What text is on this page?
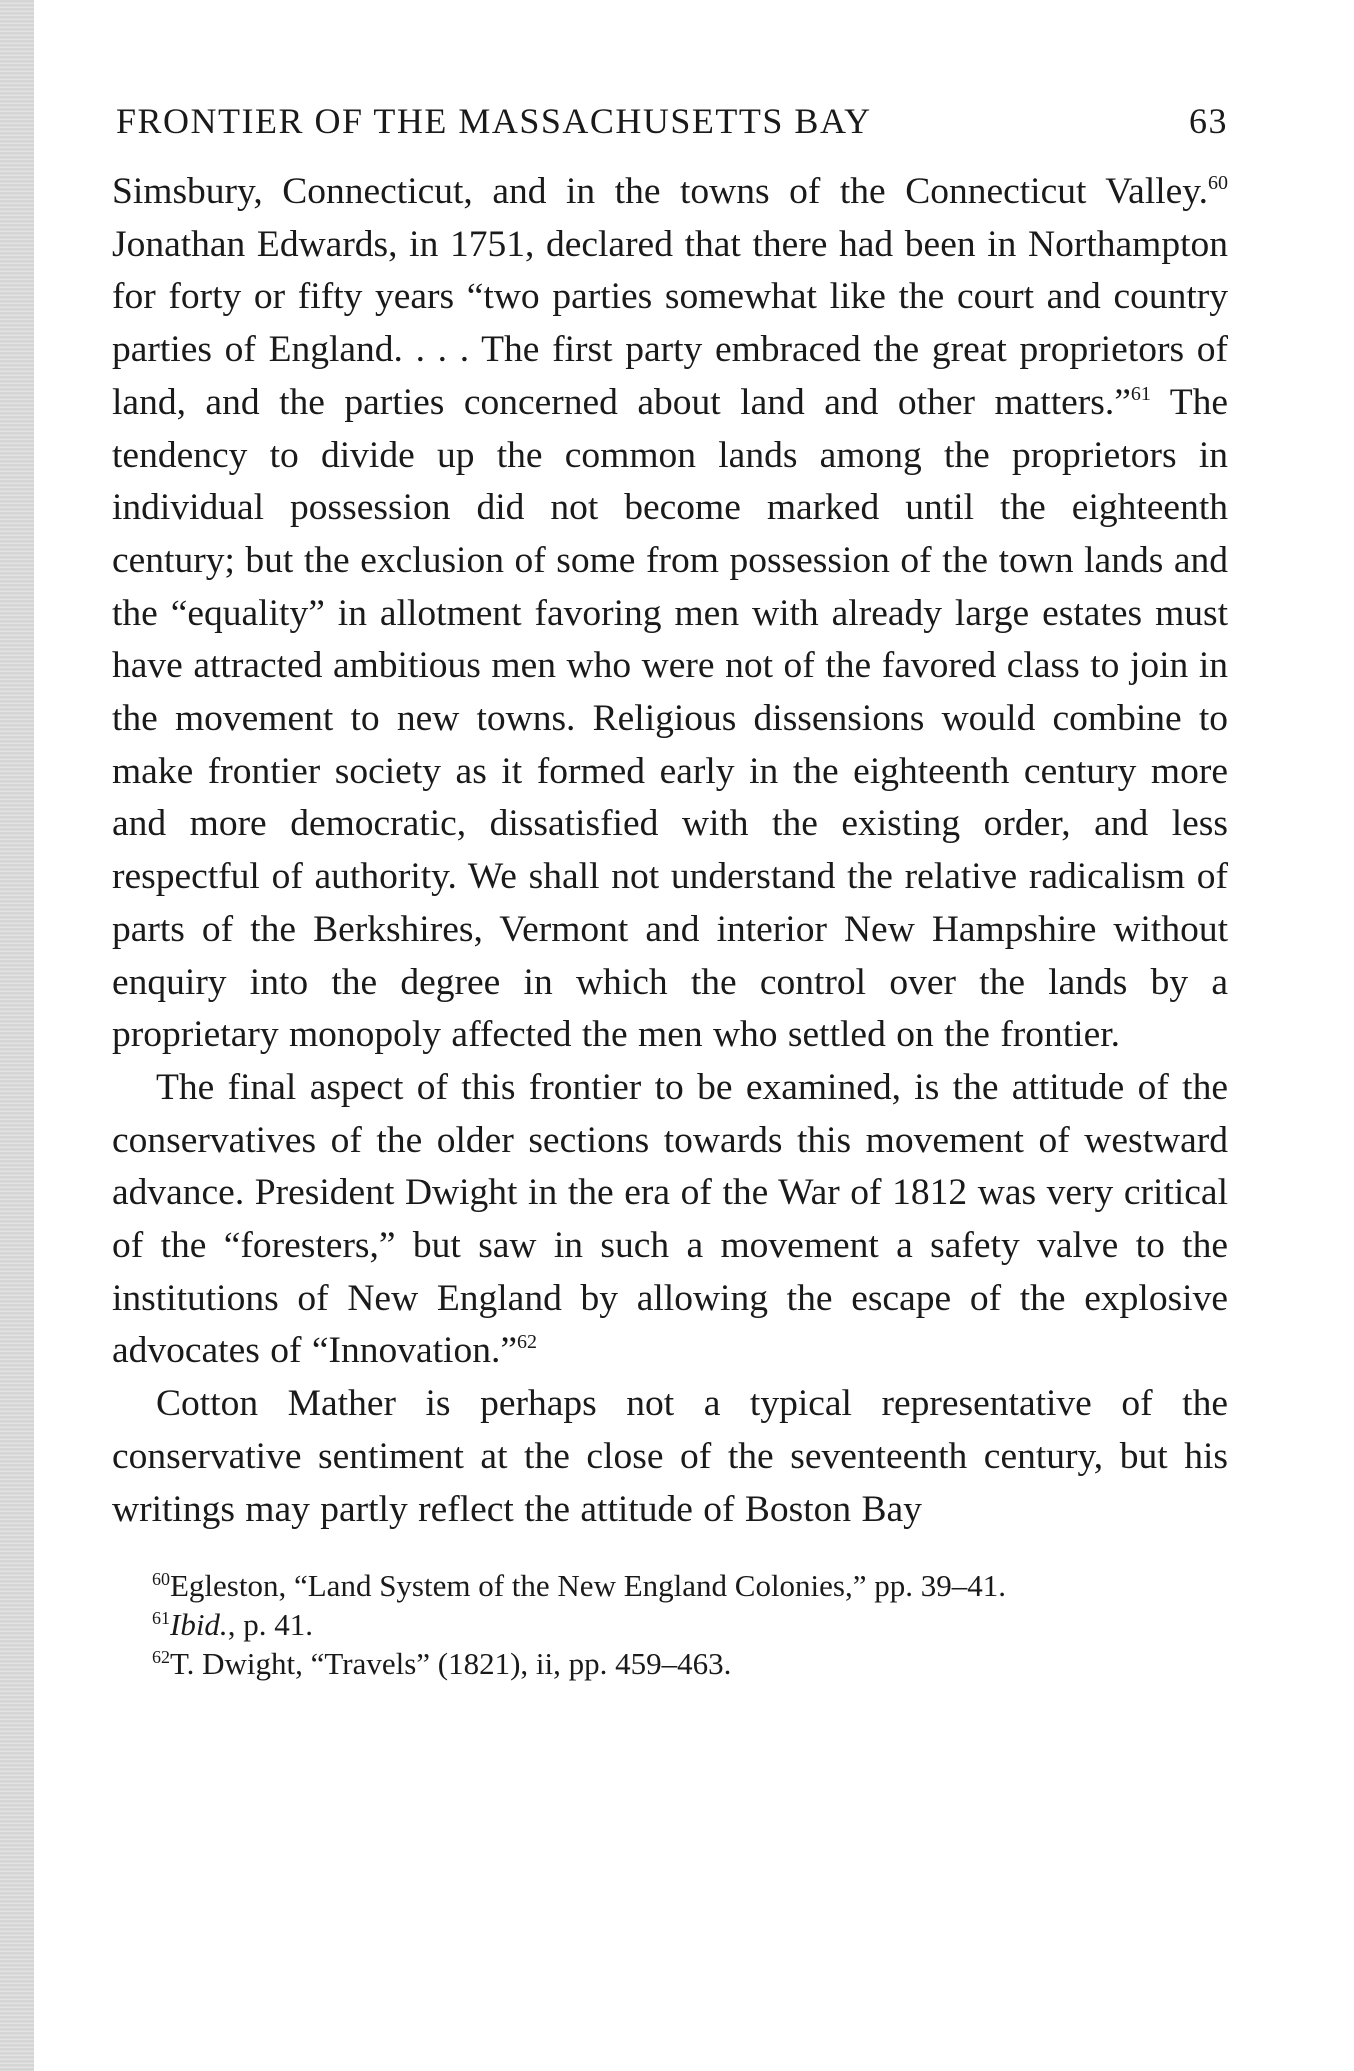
FRONTIER OF THE MASSACHUSETTS BAY	63

Simsbury, Connecticut, and in the towns of the Connecticut Valley.$^{60}$ Jonathan Edwards, in 1751, declared that there had been in Northampton for forty or fifty years “two parties somewhat like the court and country parties of England. . . . The first party embraced the great proprietors of land, and the parties concerned about land and other matters.”$^{61}$ The tendency to divide up the common lands among the proprietors in individual possession did not become marked until the eighteenth century; but the exclusion of some from possession of the town lands and the “equality” in allotment favoring men with already large estates must have attracted ambitious men who were not of the favored class to join in the movement to new towns. Religious dissensions would combine to make frontier society as it formed early in the eighteenth century more and more democratic, dissatisfied with the existing order, and less respectful of authority. We shall not understand the relative radicalism of parts of the Berkshires, Vermont and interior New Hampshire without enquiry into the degree in which the control over the lands by a proprietary monopoly affected the men who settled on the frontier.

The final aspect of this frontier to be examined, is the attitude of the conservatives of the older sections towards this movement of westward advance. President Dwight in the era of the War of 1812 was very critical of the “foresters,” but saw in such a movement a safety valve to the institutions of New England by allowing the escape of the explosive advocates of “Innovation.”$^{62}$

Cotton Mather is perhaps not a typical representative of the conservative sentiment at the close of the seventeenth century, but his writings may partly reflect the attitude of Boston Bay

$^{60}$Egleston, “Land System of the New England Colonies,” pp. 39–41.

$^{61}$Ibid., p. 41.

$^{62}$T. Dwight, “Travels” (1821), ii, pp. 459–463.
